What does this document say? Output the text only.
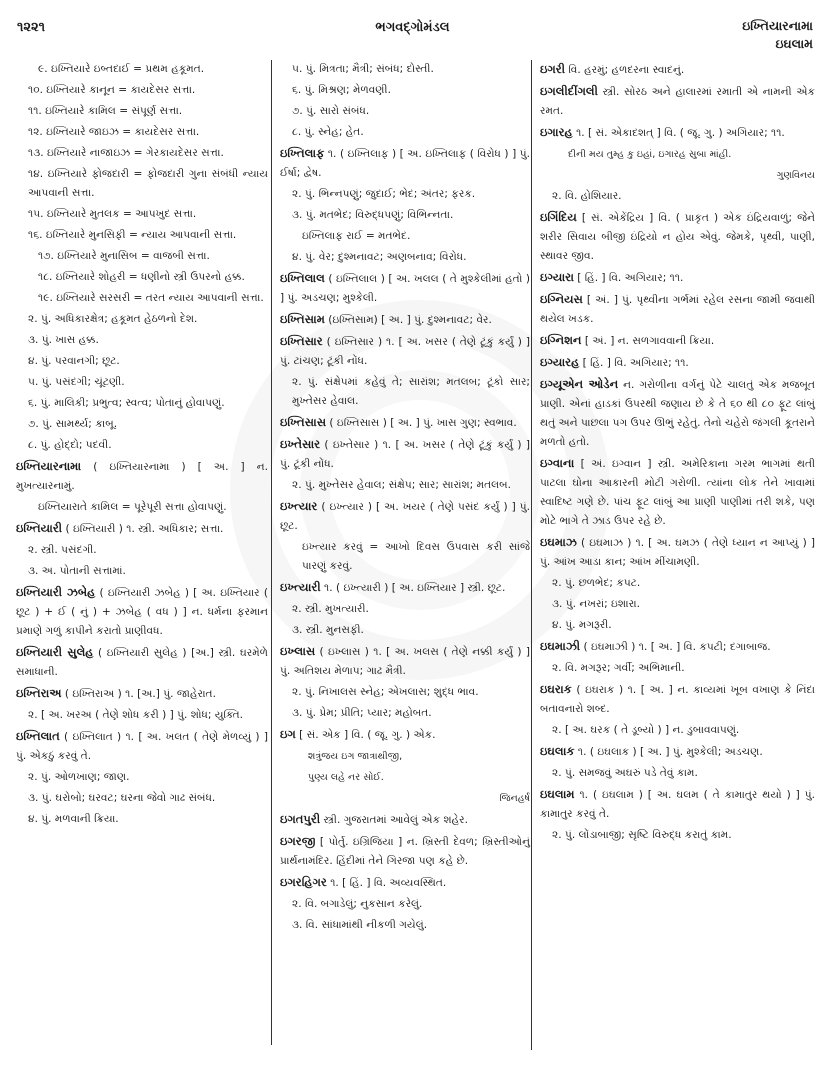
૧૨૨૧	ભગવદ્ગોમંડલ	ઇખ્તિયારનામા
ઇઘલામ
૯. ઇખ્તિયારે ઇબ્તદાઈ = પ્રથમ હકૂમત.
૧૦. ઇખ્તિયારે કાનૂન = કાયદેસર સત્તા.
૧૧. ઇખ્તિયારે કામિલ = સંપૂર્ણ સત્તા.
૧૨. ઇખ્તિયારે જાઇઝ = કાયદેસર સત્તા.
૧૩. ઇખ્તિયારે નાજાઇઝ = ગેરકાયદેસર સત્તા.
૧૪. ઇખ્તિયારે ફોજદારી = ફોજદારી ગુના સંબંધી ન્યાય આપવાની સત્તા.
૧૫. ઇખ્તિયારે મુતલક = આપખુદ સત્તા.
૧૬. ઇખ્તિયારે મુનસિફી = ન્યાય આપવાની સત્તા.
૧૭. ઇખ્તિયારે મુનાસિબ = વાજબી સત્તા.
૧૮. ઇખ્તિયારે શોહરી = ધણીનો સ્ત્રી ઉપરનો હક્ક.
૧૯. ઇખ્તિયારે સરસરી = તરત ન્યાય આપવાની સત્તા.
૨. પું. અધિકારક્ષેત્ર; હકૂમત હેઠળનો દેશ.
૩. પું. ખાસ હક્ક.
૪. પું. પરવાનગી; છૂટ.
૫. પું. પસંદગી; ચૂંટણી.
૬. પું. માલિકી; પ્રભુત્વ; સ્વત્વ; પોતાનું હોવાપણું.
૭. પું. સામર્થ્ય; કાબૂ.
૮. પું. હોદ્દો; પદવી.
ઇખ્તિયારનામા ( ઇખ્તિયારનામા ) [ અ. ] ન. મુખત્યારનામું.
ઇખ્તિયારાતે કામિલ = પૂરેપૂરી સત્તા હોવાપણું.
ઇખ્તિયારી ( ઇખ્તિયારી ) ૧. સ્ત્રી. અધિકાર; સત્તા.
૨. સ્ત્રી. પસંદગી.
૩. અ. પોતાની સત્તામાં.
ઇખ્તિયારી ઝબેહ ( ઇખ્તિયારી ઝબેહ ) [ અ. ઇખ્તિયાર ( છૂટ ) + ઈ ( નું ) + ઝબેહ ( વધ ) ] ન. ધર્મના ફરમાન પ્રમાણે ગળું કાપીને કરાતો પ્રાણીવધ.
ઇખ્તિયારી સુલેહ ( ઇખ્તિયારી સુલેહ ) [અ.] સ્ત્રી. ઘરમેળે સમાધાની.
ઇખ્તિરાઅ ( ઇખ્તિરાઅ ) ૧. [અ.] પું. જાહેરાત.
૨. [ અ. ખરઅ ( તેણે શોધ કરી ) ] પું. શોધ; યુક્તિ.
ઇખ્તિલાત ( ઇખ્તિલાત ) ૧. [ અ. ખલત ( તેણે મેળવ્યું ) ] પું. એકઠું કરવું તે.
૨. પું. ઓળખાણ; જાણ.
૩. પું. ઘરોબો; ઘરવટ; ઘરના જેવો ગાઢ સંબંધ.
૪. પું. મળવાની ક્રિયા.
૫. પું. મિત્રતા; મૈત્રી; સંબંધ; દોસ્તી.
૬. પું. મિશ્રણ; મેળવણી.
૭. પું. સારો સંબંધ.
૮. પું. સ્નેહ; હેત.
ઇખ્તિલાફ ૧. ( ઇખ્તિલાફ ) [ અ. ઇખ્તિલાફ ( વિરોધ ) ] પું. ઈર્ષા; દ્વેષ.
૨. પું. ભિન્નપણું; જુદાઈ; ભેદ; અંતર; ફરક.
૩. પું. મતભેદ; વિરુદ્ધપણું; વિભિન્નતા.
ઇખ્તિલાફ રાઈ = મતભેદ.
૪. પું. વેર; દુશ્મનાવટ; અણબનાવ; વિરોધ.
ઇખ્તિલાલ ( ઇખ્તિલાલ ) [ અ. ખલલ ( તે મુશ્કેલીમાં હતો ) ] પું. અડચણ; મુશ્કેલી.
ઇખ્તિસામ (ઇખ્તિસામ) [ અ. ] પું. દુશ્મનાવટ; વેર.
ઇખ્તિસાર ( ઇખ્તિસાર ) ૧. [ અ. ખસર ( તેણે ટૂંકું કર્યું ) ] પું. ટાંચણ; ટૂંકી નોંધ.
૨. પું. સંક્ષેપમાં કહેવું તે; સારાંશ; મતલબ; ટૂંકો સાર; મુખ્તેસર હેવાલ.
ઇખ્તિસાસ ( ઇખ્તિસાસ ) [ અ. ] પું. ખાસ ગુણ; સ્વભાવ.
ઇખ્તેસાર ( ઇખ્તેસાર ) ૧. [ અ. ખસર ( તેણે ટૂંકું કર્યું ) ] પું. ટૂંકી નોંધ.
૨. પું. મુખ્તેસર હેવાલ; સંક્ષેપ; સાર; સારાંશ; મતલબ.
ઇખ્ત્યાર ( ઇખ્ત્યાર ) [ અ. ખયર ( તેણે પસંદ કર્યું ) ] પું. છૂટ.
ઇખ્ત્યાર કરવું = આખો દિવસ ઉપવાસ કરી સાંજે પારણું કરવું.
ઇખ્ત્યારી ૧. ( ઇખ્ત્યારી ) [ અ. ઇખ્તિયાર ] સ્ત્રી. છૂટ.
૨. સ્ત્રી. મુખત્યારી.
૩. સ્ત્રી. મુનસફી.
ઇખ્લાસ ( ઇખ્લાસ ) ૧. [ અ. ખલસ ( તેણે નક્કી કર્યું ) ] પું. અતિશય મેળાપ; ગાઢ મૈત્રી.
૨. પું. નિખાલસ સ્નેહ; એખલાસ; શુદ્ધ ભાવ.
૩. પું. પ્રેમ; પ્રીતિ; પ્યાર; મહોબત.
ઇગ [ સં. એક ] વિ. ( જૂ. ગુ. ) એક.
શત્રુંજય ઇગ જાત્રાથીજી,
પુણ્ય લહે નર સોઈ.
જિનહર્ષ
ઇગતપુરી સ્ત્રી. ગુજરાતમાં આવેલું એક શહેર.
ઇગરજી [ પોર્તુ. ઇગ્રિજિયા ] ન. ખ્રિસ્તી દેવળ; ખ્રિસ્તીઓનું પ્રાર્થનામંદિર. હિંદીમાં તેને ગિરજા પણ કહે છે.
ઇગરહિગર ૧. [ હિં. ] વિ. અવ્યવસ્થિત.
૨. વિ. બગાડેલું; નુકસાન કરેલું.
૩. વિ. સાંધામાંથી નીકળી ગયેલું.
ઇગરી વિ. હરમું; હળદરના સ્વાદનું.
ઇગલીદીંગલી સ્ત્રી. સોરઠ અને હાલારમાં રમાતી એ નામની એક રમત.
ઇગારહ ૧. [ સં. એકાદશત્ ] વિ. ( જૂ. ગુ. ) અગિયાર; ૧૧.
દીની મય તુમ્હ કુ ઇહાં, ઇગારહ સુબા માંહી.
ગુણવિનય
૨. વિ. હોશિયાર.
ઇગિંદિય [ સં. એકેંદ્રિય ] વિ. ( પ્રાકૃત ) એક ઇંદ્રિયવાળું; જેને શરીર સિવાય બીજી ઇંદ્રિયો ન હોય એવું. જેમકે, પૃથ્વી, પાણી, સ્થાવર જીવ.
ઇગ્યારા [ હિં. ] વિ. અગિયાર; ૧૧.
ઇગ્નિયસ [ અં. ] પું. પૃથ્વીના ગર્ભમાં રહેલ રસના જામી જવાથી થયેલ ખડક.
ઇગ્નિશન [ અં. ] ન. સળગાવવાની ક્રિયા.
ઇગ્યારહ [ હિં. ] વિ. અગિયાર; ૧૧.
ઇગ્યૂએન ઓડેન ન. ગરોળીના વર્ગનું પેટે ચાલતું એક મજબૂત પ્રાણી. એનાં હાડકાં ઉપરથી જણાય છે કે તે ૬૦ થી ૮૦ ફૂટ લાંબું થતું અને પાછલા પગ ઉપર ઊભું રહેતું. તેનો ચહેરો જંગલી કૂતરાને મળતો હતો.
ઇગ્વાના [ અં. ઇગ્વાન ] સ્ત્રી. અમેરિકાના ગરમ ભાગમાં થતી પાટલા ઘોના આકારની મોટી ગરોળી. ત્યાંના લોક તેને ખાવામાં સ્વાદિષ્ટ ગણે છે. પાંચ ફૂટ લાંબું આ પ્રાણી પાણીમાં તરી શકે, પણ મોટે ભાગે તે ઝાડ ઉપર રહે છે.
ઇઘમાઝ ( ઇઘમાઝ ) ૧. [ અ. ઘમઝ ( તેણે ધ્યાન ન આપ્યું ) ] પું. આંખ આડા કાન; આંખ મીંચામણી.
૨. પું. છળભેદ; કપટ.
૩. પું. નખરાં; ઇશારા.
૪. પું. મગરૂરી.
ઇઘમાઝી ( ઇઘમાઝી ) ૧. [ અ. ] વિ. કપટી; દગાબાજ.
૨. વિ. મગરૂર; ગર્વી; અભિમાની.
ઇઘરાક ( ઇઘરાક ) ૧. [ અ. ] ન. કાવ્યમાં ખૂબ વખાણ કે નિંદા બતાવનારો શબ્દ.
૨. [ અ. ઘરક ( તે ડૂબ્યો ) ] ન. ડુબાવવાપણું.
ઇઘલાક ૧. ( ઇઘલાક ) [ અ. ] પું. મુશ્કેલી; અડચણ.
૨. પું. સમજવું અઘરું પડે તેવું કામ.
ઇઘલામ ૧. ( ઇઘલામ ) [ અ. ઘલમ ( તે કામાતુર થયો ) ] પું. કામાતુર કરવું તે.
૨. પું. લોંડાબાજી; સૃષ્ટિ વિરુદ્ધ કરાતું કામ.
